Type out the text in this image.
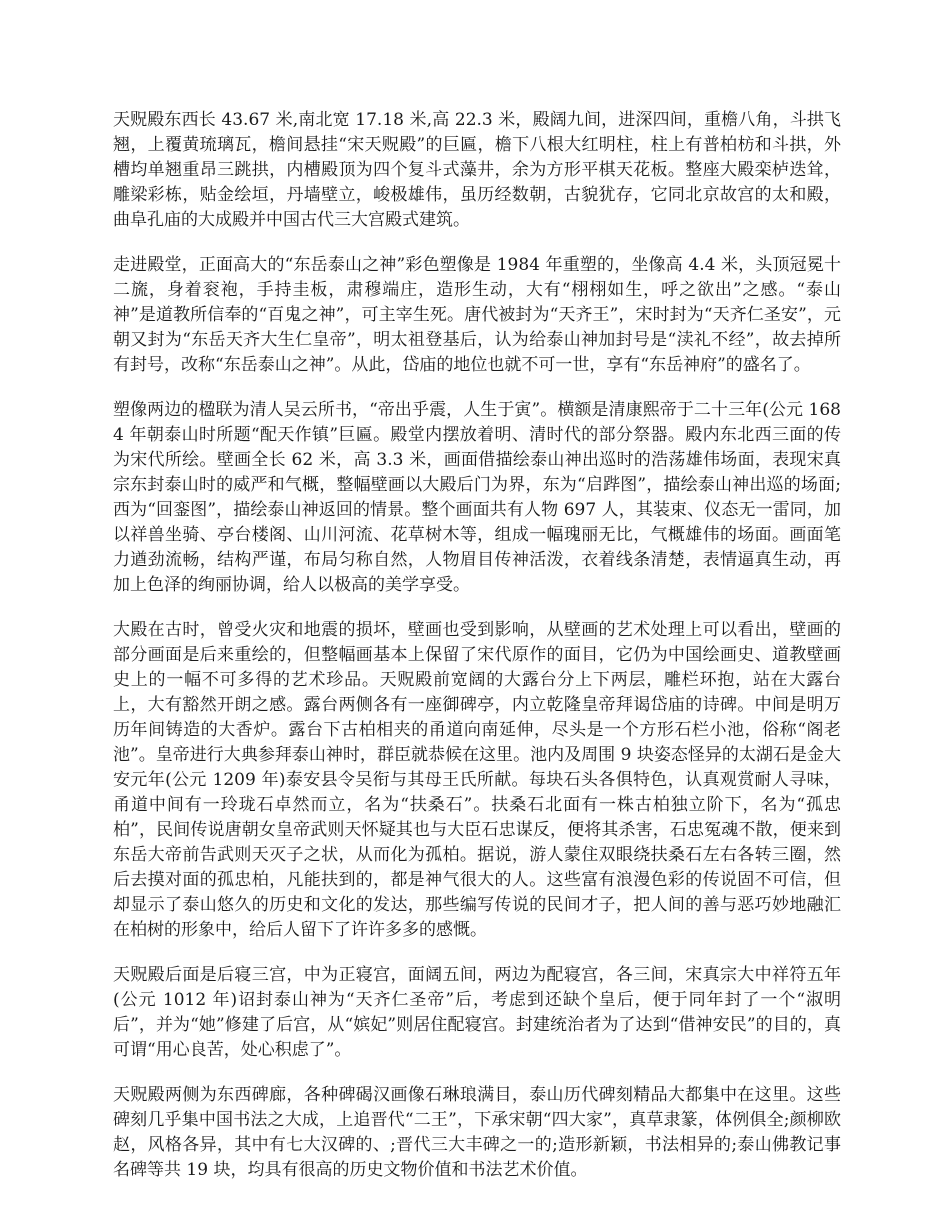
天贶殿东西长 43.67 米,南北宽 17.18 米,高 22.3 米，殿阔九间，进深四间，重檐八角，斗拱飞翘，上覆黄琉璃瓦，檐间悬挂“宋天贶殿”的巨匾，檐下八根大红明柱，柱上有普柏枋和斗拱，外槽均单翘重昂三跳拱，内槽殿顶为四个复斗式藻井，余为方形平棋天花板。整座大殿栾栌迭耸，雕梁彩栋，贴金绘垣，丹墙壁立，峻极雄伟，虽历经数朝，古貌犹存，它同北京故宫的太和殿，曲阜孔庙的大成殿并中国古代三大宫殿式建筑。

走进殿堂，正面高大的“东岳泰山之神”彩色塑像是 1984 年重塑的，坐像高 4.4 米，头顶冠冕十二旒，身着衮袍，手持圭板，肃穆端庄，造形生动，大有“栩栩如生，呼之欲出”之感。“泰山神”是道教所信奉的“百鬼之神”，可主宰生死。唐代被封为“天齐王”，宋时封为“天齐仁圣安”，元朝又封为“东岳天齐大生仁皇帝”，明太祖登基后，认为给泰山神加封号是“渎礼不经”，故去掉所有封号，改称“东岳泰山之神”。从此，岱庙的地位也就不可一世，享有“东岳神府”的盛名了。

塑像两边的楹联为清人吴云所书，“帝出乎震，人生于寅”。横额是清康熙帝于二十三年(公元 1684 年朝泰山时所题“配天作镇”巨匾。殿堂内摆放着明、清时代的部分祭器。殿内东北西三面的传为宋代所绘。壁画全长 62 米，高 3.3 米，画面借描绘泰山神出巡时的浩荡雄伟场面，表现宋真宗东封泰山时的威严和气概，整幅壁画以大殿后门为界，东为“启跸图”，描绘泰山神出巡的场面;西为“回銮图”，描绘泰山神返回的情景。整个画面共有人物 697 人，其装束、仪态无一雷同，加以祥兽坐骑、亭台楼阁、山川河流、花草树木等，组成一幅瑰丽无比，气概雄伟的场面。画面笔力遒劲流畅，结构严谨，布局匀称自然，人物眉目传神活泼，衣着线条清楚，表情逼真生动，再加上色泽的绚丽协调，给人以极高的美学享受。

大殿在古时，曾受火灾和地震的损坏，壁画也受到影响，从壁画的艺术处理上可以看出，壁画的部分画面是后来重绘的，但整幅画基本上保留了宋代原作的面目，它仍为中国绘画史、道教壁画史上的一幅不可多得的艺术珍品。天贶殿前宽阔的大露台分上下两层，雕栏环抱，站在大露台上，大有豁然开朗之感。露台两侧各有一座御碑亭，内立乾隆皇帝拜谒岱庙的诗碑。中间是明万历年间铸造的大香炉。露台下古柏相夹的甬道向南延伸，尽头是一个方形石栏小池，俗称“阁老池”。皇帝进行大典参拜泰山神时，群臣就恭候在这里。池内及周围 9 块姿态怪异的太湖石是金大安元年(公元 1209 年)泰安县令吴衔与其母王氏所献。每块石头各俱特色，认真观赏耐人寻味，甬道中间有一玲珑石卓然而立，名为“扶桑石”。扶桑石北面有一株古柏独立阶下，名为“孤忠柏”，民间传说唐朝女皇帝武则天怀疑其也与大臣石忠谋反，便将其杀害，石忠冤魂不散，便来到东岳大帝前告武则天灭子之状，从而化为孤柏。据说，游人蒙住双眼绕扶桑石左右各转三圈，然后去摸对面的孤忠柏，凡能扶到的，都是神气很大的人。这些富有浪漫色彩的传说固不可信，但却显示了泰山悠久的历史和文化的发达，那些编写传说的民间才子，把人间的善与恶巧妙地融汇在柏树的形象中，给后人留下了许许多多的感慨。

天贶殿后面是后寝三宫，中为正寝宫，面阔五间，两边为配寝宫，各三间，宋真宗大中祥符五年(公元 1012 年)诏封泰山神为“天齐仁圣帝”后，考虑到还缺个皇后，便于同年封了一个“淑明后”，并为“她”修建了后宫，从“嫔妃”则居住配寝宫。封建统治者为了达到“借神安民”的目的，真可谓“用心良苦，处心积虑了”。

天贶殿两侧为东西碑廊，各种碑碣汉画像石琳琅满目，泰山历代碑刻精品大都集中在这里。这些碑刻几乎集中国书法之大成，上追晋代“二王”，下承宋朝“四大家”，真草隶篆，体例俱全;颜柳欧赵，风格各异，其中有七大汉碑的、;晋代三大丰碑之一的;造形新颖，书法相异的;泰山佛教记事名碑等共 19 块，均具有很高的历史文物价值和书法艺术价值。
